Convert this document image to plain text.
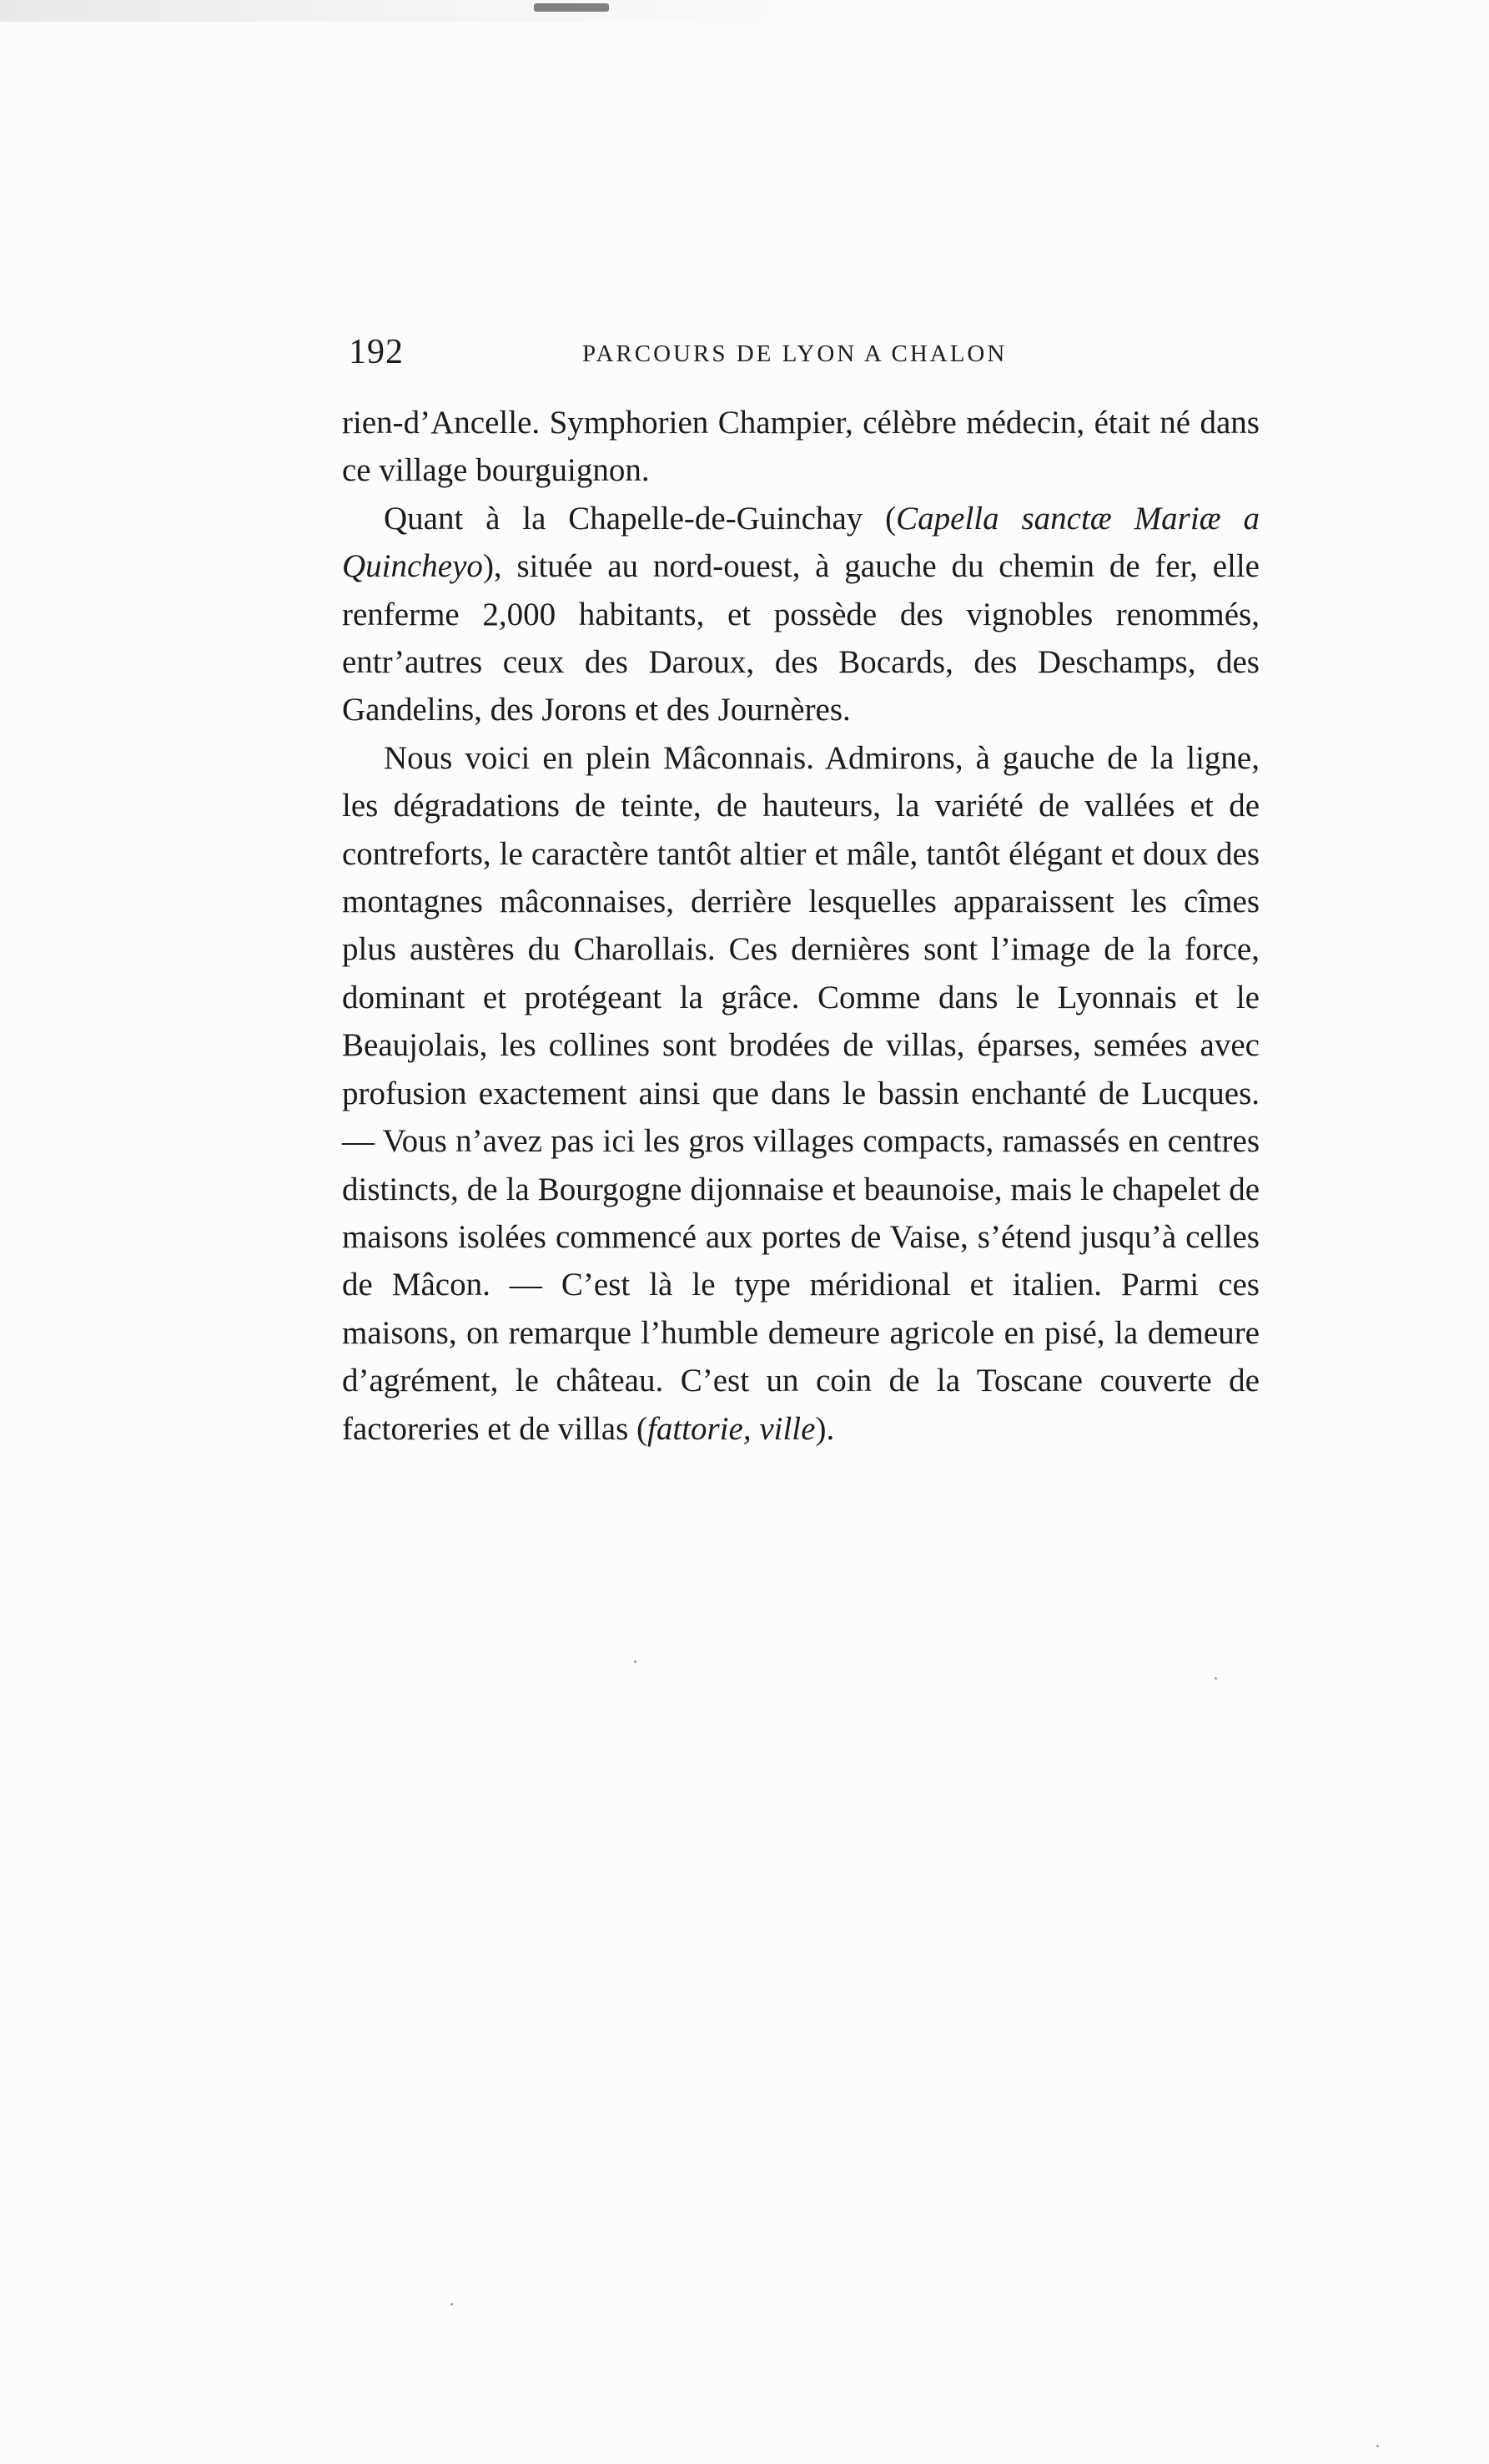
192	PARCOURS DE LYON A CHALON

rien-d’Ancelle. Symphorien Champier, célèbre médecin, était né dans ce village bourguignon.

Quant à la Chapelle-de-Guinchay (Capella sanctæ Mariæ a Quincheyo), située au nord-ouest, à gauche du chemin de fer, elle renferme 2,000 habitants, et possède des vignobles renommés, entr’autres ceux des Daroux, des Bocards, des Deschamps, des Gandelins, des Jorons et des Journères.

Nous voici en plein Mâconnais. Admirons, à gauche de la ligne, les dégradations de teinte, de hauteurs, la variété de vallées et de contreforts, le caractère tantôt altier et mâle, tantôt élégant et doux des montagnes mâconnaises, derrière lesquelles apparaissent les cîmes plus austères du Charollais. Ces dernières sont l’image de la force, dominant et protégeant la grâce. Comme dans le Lyonnais et le Beaujolais, les collines sont brodées de villas, éparses, semées avec profusion exactement ainsi que dans le bassin enchanté de Lucques. — Vous n’avez pas ici les gros villages compacts, ramassés en centres distincts, de la Bourgogne dijonnaise et beaunoise, mais le chapelet de maisons isolées commencé aux portes de Vaise, s’étend jusqu’à celles de Mâcon. — C’est là le type méridional et italien. Parmi ces maisons, on remarque l’humble demeure agricole en pisé, la demeure d’agrément, le château. C’est un coin de la Toscane couverte de factoreries et de villas (fattorie, ville).
